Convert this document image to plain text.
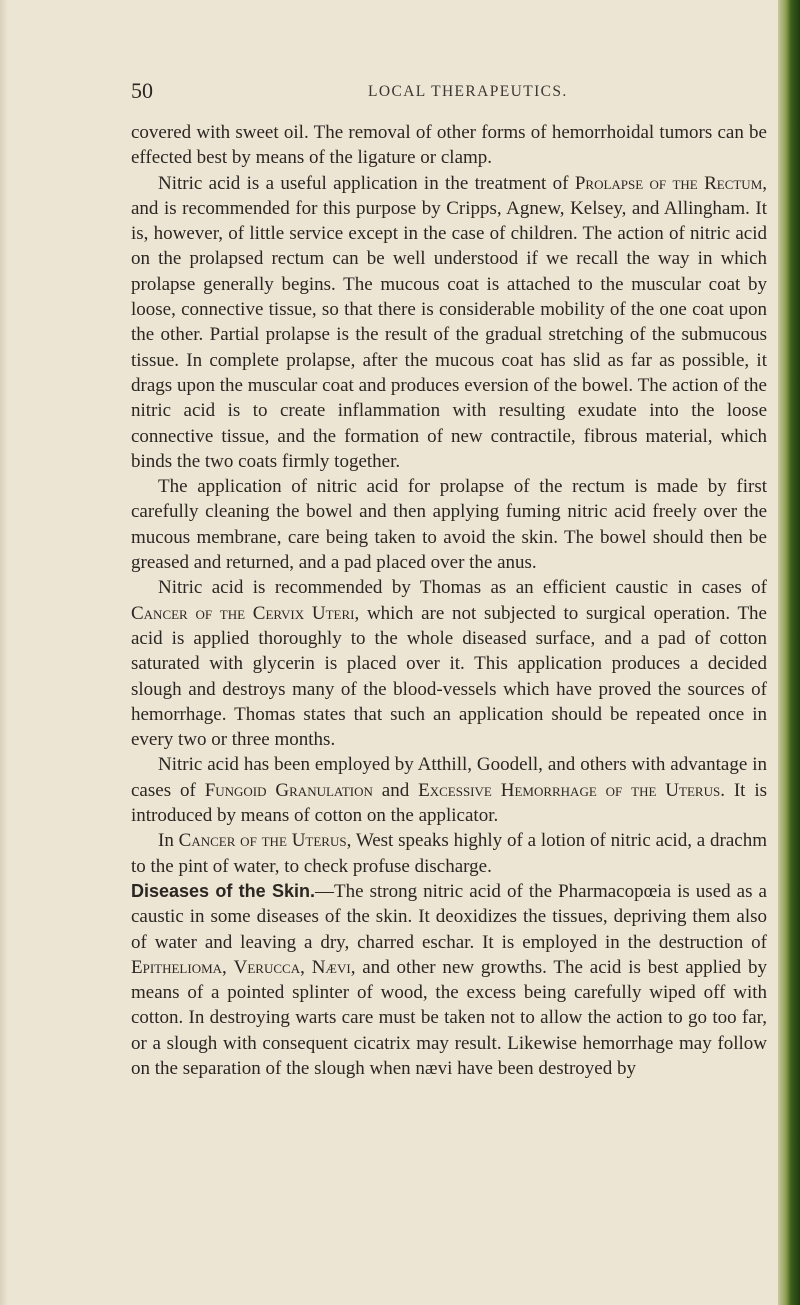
50	LOCAL THERAPEUTICS.

covered with sweet oil. The removal of other forms of hemorrhoidal tumors can be effected best by means of the ligature or clamp.

Nitric acid is a useful application in the treatment of Prolapse of the Rectum, and is recommended for this purpose by Cripps, Agnew, Kelsey, and Allingham. It is, however, of little service except in the case of children. The action of nitric acid on the prolapsed rectum can be well understood if we recall the way in which prolapse generally begins. The mucous coat is attached to the muscular coat by loose, connective tissue, so that there is considerable mobility of the one coat upon the other. Partial prolapse is the result of the gradual stretching of the submucous tissue. In complete prolapse, after the mucous coat has slid as far as possible, it drags upon the muscular coat and produces eversion of the bowel. The action of the nitric acid is to create inflammation with resulting exudate into the loose connective tissue, and the formation of new contractile, fibrous material, which binds the two coats firmly together.

The application of nitric acid for prolapse of the rectum is made by first carefully cleaning the bowel and then applying fuming nitric acid freely over the mucous membrane, care being taken to avoid the skin. The bowel should then be greased and returned, and a pad placed over the anus.

Nitric acid is recommended by Thomas as an efficient caustic in cases of Cancer of the Cervix Uteri, which are not subjected to surgical operation. The acid is applied thoroughly to the whole diseased surface, and a pad of cotton saturated with glycerin is placed over it. This application produces a decided slough and destroys many of the blood-vessels which have proved the sources of hemorrhage. Thomas states that such an application should be repeated once in every two or three months.

Nitric acid has been employed by Atthill, Goodell, and others with advantage in cases of Fungoid Granulation and Excessive Hemorrhage of the Uterus. It is introduced by means of cotton on the applicator.

In Cancer of the Uterus, West speaks highly of a lotion of nitric acid, a drachm to the pint of water, to check profuse discharge.

Diseases of the Skin.—The strong nitric acid of the Pharmacopœia is used as a caustic in some diseases of the skin. It deoxidizes the tissues, depriving them also of water and leaving a dry, charred eschar. It is employed in the destruction of Epithelioma, Verucca, Nævi, and other new growths. The acid is best applied by means of a pointed splinter of wood, the excess being carefully wiped off with cotton. In destroying warts care must be taken not to allow the action to go too far, or a slough with consequent cicatrix may result. Likewise hemorrhage may follow on the separation of the slough when nævi have been destroyed by
